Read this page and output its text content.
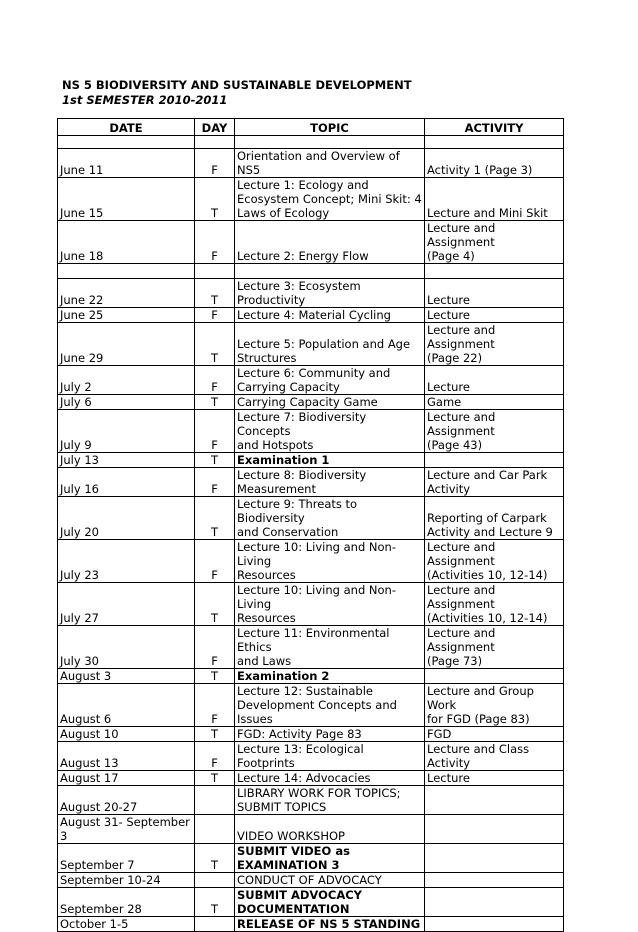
NS 5 BIODIVERSITY AND SUSTAINABLE DEVELOPMENT
1st SEMESTER 2010-2011
DATE	DAY	TOPIC	ACTIVITY

June 11	F	Orientation and Overview of NS5	Activity 1 (Page 3)
June 15	T	Lecture 1: Ecology and
Ecosystem Concept; Mini Skit: 4
Laws of Ecology	Lecture and Mini Skit
June 18	F	Lecture 2: Energy Flow	Lecture and Assignment
(Page 4)

June 22	T	Lecture 3: Ecosystem Productivity	Lecture
June 25	F	Lecture 4: Material Cycling	Lecture
June 29	T	Lecture 5: Population and Age
Structures	Lecture and Assignment
(Page 22)
July 2	F	Lecture 6: Community and
Carrying Capacity	Lecture
July 6	T	Carrying Capacity Game	Game
July 9	F	Lecture 7: Biodiversity Concepts
and Hotspots	Lecture and Assignment
(Page 43)
July 13	T	Examination 1	
July 16	F	Lecture 8: Biodiversity
Measurement	Lecture and Car Park
Activity
July 20	T	Lecture 9: Threats to Biodiversity
and Conservation	Reporting of Carpark
Activity and Lecture 9
July 23	F	Lecture 10: Living and Non-Living
Resources	Lecture and Assignment
(Activities 10, 12-14)
July 27	T	Lecture 10: Living and Non-Living
Resources	Lecture and Assignment
(Activities 10, 12-14)
July 30	F	Lecture 11: Environmental Ethics
and Laws	Lecture and Assignment
(Page 73)
August 3	T	Examination 2	
August 6	F	Lecture 12: Sustainable
Development Concepts and
Issues	Lecture and Group Work
for FGD (Page 83)
August 10	T	FGD: Activity Page 83	FGD
August 13	F	Lecture 13: Ecological Footprints	Lecture and Class
Activity
August 17	T	Lecture 14: Advocacies	Lecture
August 20-27		LIBRARY WORK FOR TOPICS;
SUBMIT TOPICS	
August 31- September 3		VIDEO WORKSHOP	
September 7	T	SUBMIT VIDEO as
EXAMINATION 3	
September 10-24		CONDUCT OF ADVOCACY	
September 28	T	SUBMIT ADVOCACY
DOCUMENTATION	
October 1-5		RELEASE OF NS 5 STANDING	
